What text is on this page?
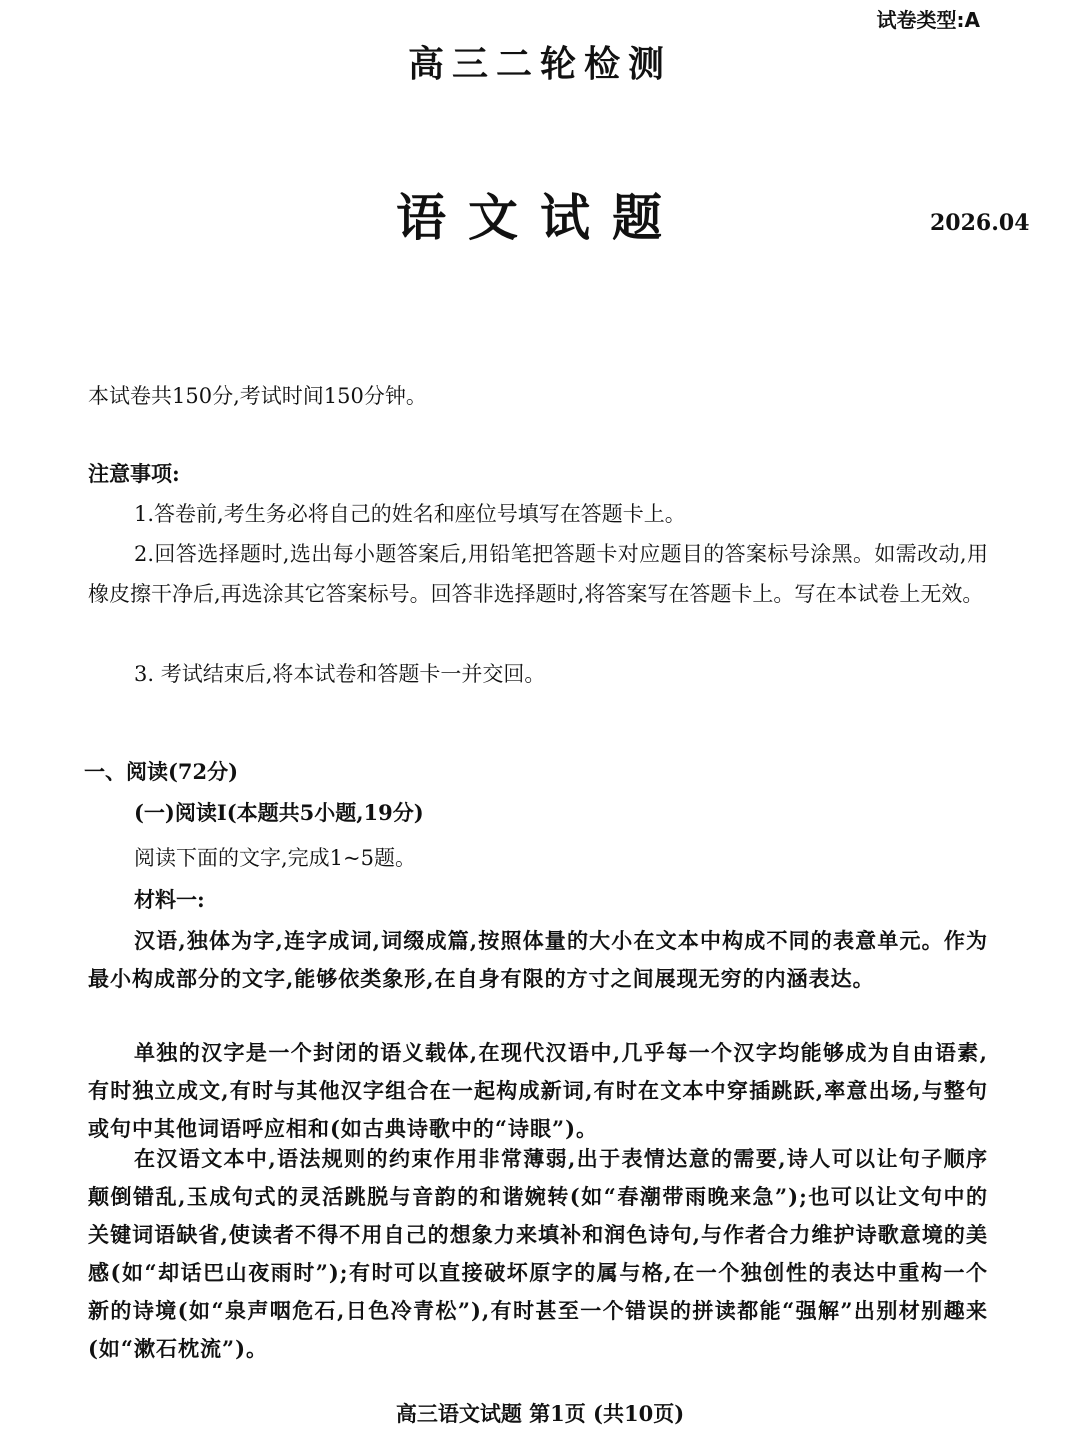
试卷类型:A
高三二轮检测
语文试题	2026.04
本试卷共150分,考试时间150分钟。
注意事项:
1.答卷前,考生务必将自己的姓名和座位号填写在答题卡上。
2.回答选择题时,选出每小题答案后,用铅笔把答题卡对应题目的答案标号涂黑。如需改动,用橡皮擦干净后,再选涂其它答案标号。回答非选择题时,将答案写在答题卡上。写在本试卷上无效。
3. 考试结束后,将本试卷和答题卡一并交回。
一、阅读(72分)
(一)阅读Ⅰ(本题共5小题,19分)
阅读下面的文字,完成1~5题。
材料一:
汉语,独体为字,连字成词,词缀成篇,按照体量的大小在文本中构成不同的表意单元。作为最小构成部分的文字,能够依类象形,在自身有限的方寸之间展现无穷的内涵表达。
单独的汉字是一个封闭的语义载体,在现代汉语中,几乎每一个汉字均能够成为自由语素,有时独立成文,有时与其他汉字组合在一起构成新词,有时在文本中穿插跳跃,率意出场,与整句或句中其他词语呼应相和(如古典诗歌中的“诗眼”)。
在汉语文本中,语法规则的约束作用非常薄弱,出于表情达意的需要,诗人可以让句子顺序颠倒错乱,玉成句式的灵活跳脱与音韵的和谐婉转(如“春潮带雨晚来急”);也可以让文句中的关键词语缺省,使读者不得不用自己的想象力来填补和润色诗句,与作者合力维护诗歌意境的美感(如“却话巴山夜雨时”);有时可以直接破坏原字的属与格,在一个独创性的表达中重构一个新的诗境(如“泉声咽危石,日色冷青松”),有时甚至一个错误的拼读都能“强解”出别材别趣来(如“漱石枕流”)。
高三语文试题 第1页 (共10页)
